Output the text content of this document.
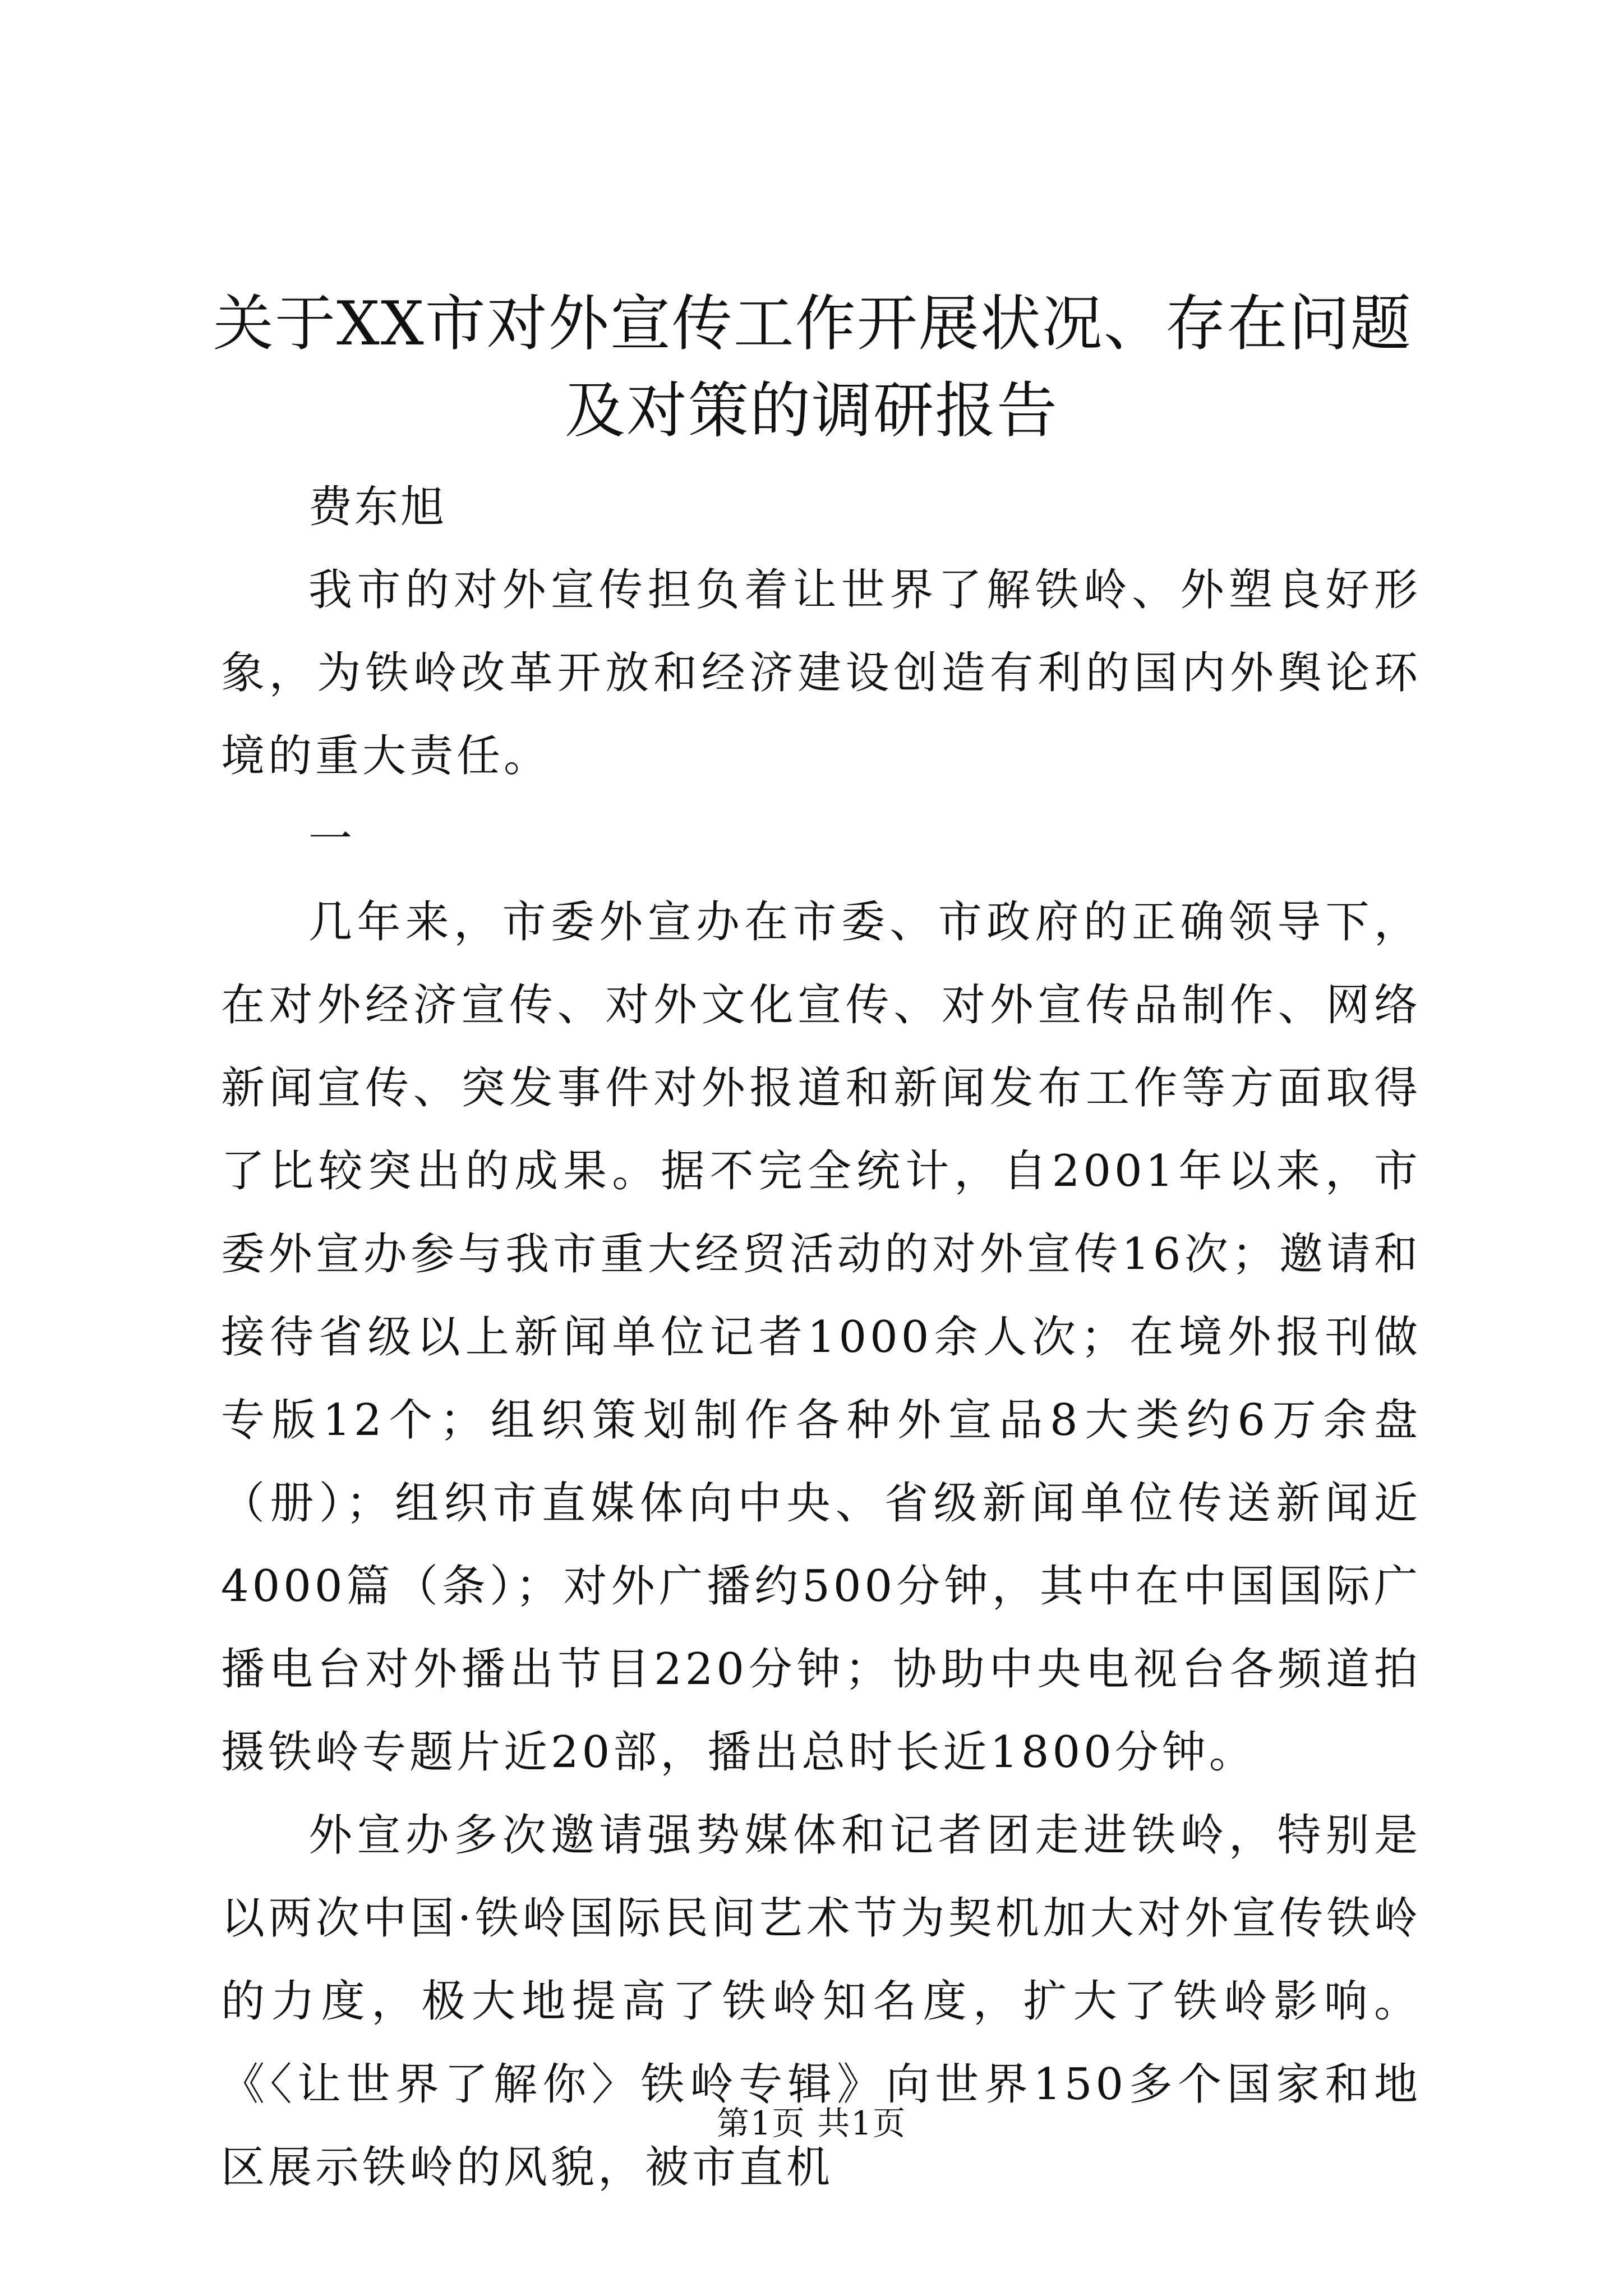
关于XX市对外宣传工作开展状况、存在问题
及对策的调研报告

费东旭

我市的对外宣传担负着让世界了解铁岭、外塑良好形象，为铁岭改革开放和经济建设创造有利的国内外舆论环境的重大责任。

一

几年来，市委外宣办在市委、市政府的正确领导下，在对外经济宣传、对外文化宣传、对外宣传品制作、网络新闻宣传、突发事件对外报道和新闻发布工作等方面取得了比较突出的成果。据不完全统计，自2001年以来，市委外宣办参与我市重大经贸活动的对外宣传16次；邀请和接待省级以上新闻单位记者1000余人次；在境外报刊做专版12个；组织策划制作各种外宣品8大类约6万余盘（册）；组织市直媒体向中央、省级新闻单位传送新闻近4000篇（条）；对外广播约500分钟，其中在中国国际广播电台对外播出节目220分钟；协助中央电视台各频道拍摄铁岭专题片近20部，播出总时长近1800分钟。

外宣办多次邀请强势媒体和记者团走进铁岭，特别是以两次中国·铁岭国际民间艺术节为契机加大对外宣传铁岭的力度，极大地提高了铁岭知名度，扩大了铁岭影响。《〈让世界了解你〉铁岭专辑》向世界150多个国家和地区展示铁岭的风貌，被市直机

第1页 共1页
